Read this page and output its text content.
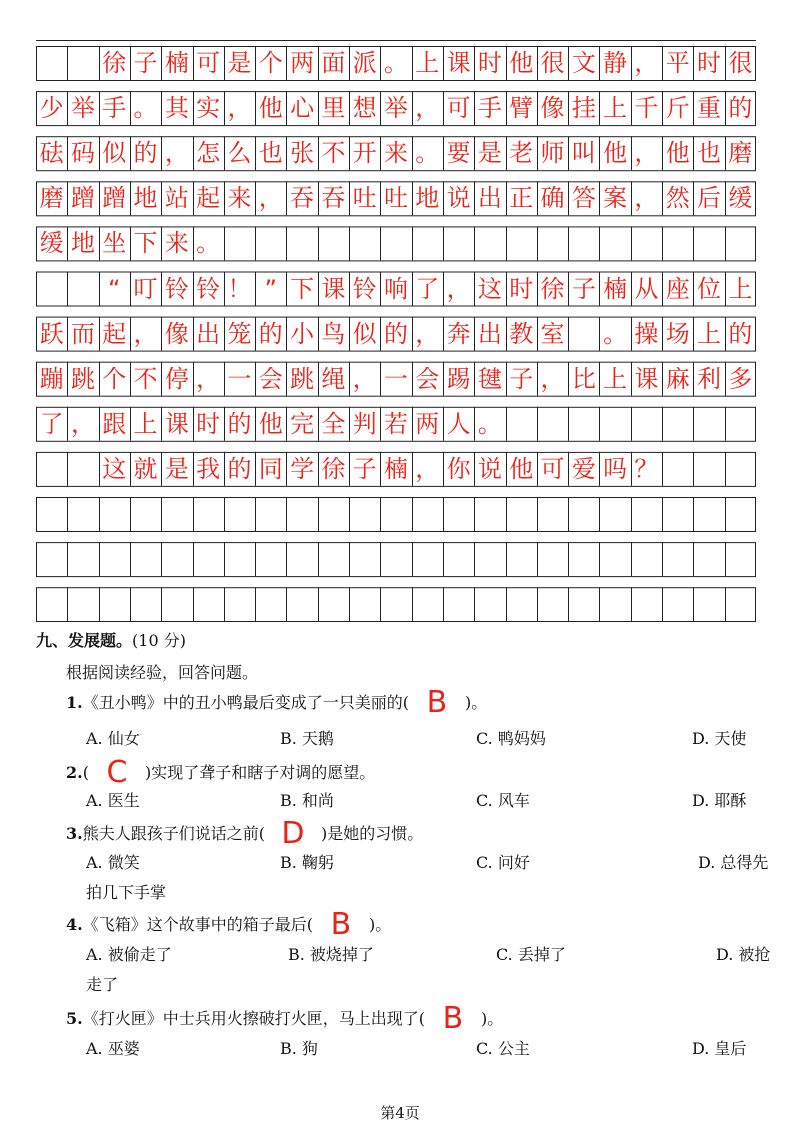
徐 子 楠 可 是 个 两 面 派 。 上 课 时 他 很 文 静 ， 平 时 很
少 举 手 。 其 实 ， 他 心 里 想 举 ， 可 手 臂 像 挂 上 千 斤 重 的
砝 码 似 的 ， 怎 么 也 张 不 开 来 。 要 是 老 师 叫 他 ， 他 也 磨
磨 蹭 蹭 地 站 起 来 ， 吞 吞 吐 吐 地 说 出 正 确 答 案 ， 然 后 缓
缓 地 坐 下 来 。
“ 叮 铃 铃 ！ ” 下 课 铃 响 了 ， 这 时 徐 子 楠 从 座 位 上
跃 而 起 ， 像 出 笼 的 小 鸟 似 的 ， 奔 出 教 室 。 操 场 上 的
蹦 跳 个 不 停 ， 一 会 跳 绳 ， 一 会 踢 毽 子 ， 比 上 课 麻 利 多
了 ， 跟 上 课 时 的 他 完 全 判 若 两 人 。
这 就 是 我 的 同 学 徐 子 楠 ， 你 说 他 可 爱 吗 ？
九、发展题。(10 分)
根据阅读经验，回答问题。
1.《丑小鸭》中的丑小鸭最后变成了一只美丽的( B )。
A. 仙女	B. 天鹅	C. 鸭妈妈	D. 天使
2.( C )实现了聋子和瞎子对调的愿望。
A. 医生	B. 和尚	C. 风车	D. 耶酥
3.熊夫人跟孩子们说话之前( D )是她的习惯。
A. 微笑	B. 鞠躬	C. 问好	D. 总得先
拍几下手掌
4.《飞箱》这个故事中的箱子最后( B )。
A. 被偷走了	B. 被烧掉了	C. 丢掉了	D. 被抢
走了
5.《打火匣》中士兵用火擦破打火匣，马上出现了( B )。
A. 巫婆	B. 狗	C. 公主	D. 皇后
第4页
